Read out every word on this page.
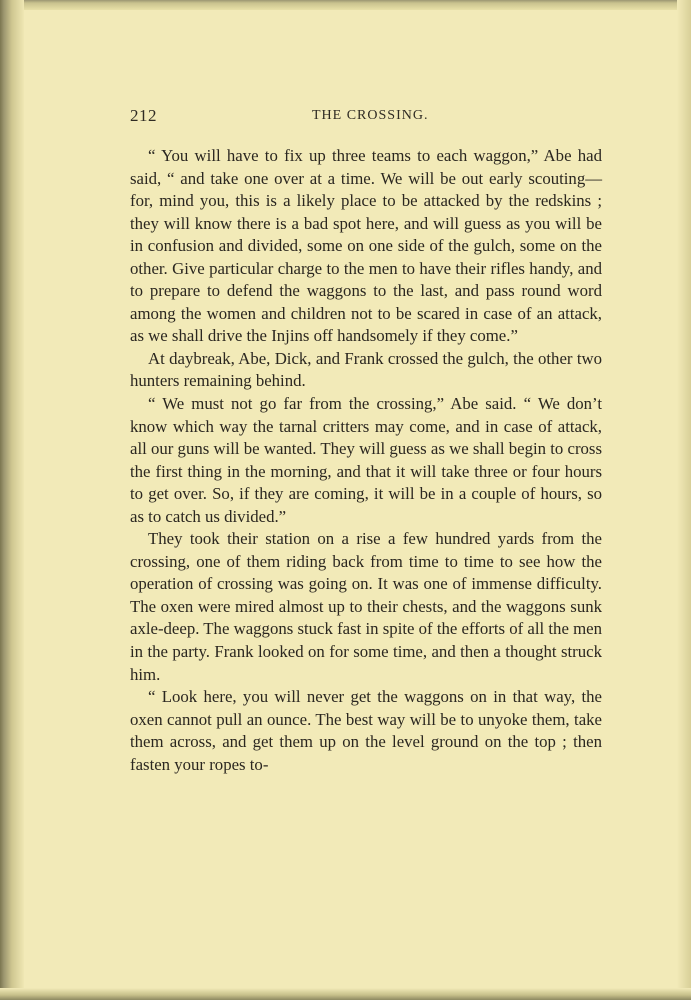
212	THE CROSSING.

“ You will have to fix up three teams to each waggon,” Abe had said, “ and take one over at a time. We will be out early scouting—for, mind you, this is a likely place to be attacked by the redskins ; they will know there is a bad spot here, and will guess as you will be in confusion and divided, some on one side of the gulch, some on the other. Give particular charge to the men to have their rifles handy, and to prepare to defend the waggons to the last, and pass round word among the women and children not to be scared in case of an attack, as we shall drive the Injins off handsomely if they come.”

At daybreak, Abe, Dick, and Frank crossed the gulch, the other two hunters remaining behind.

“ We must not go far from the crossing,” Abe said. “ We don’t know which way the tarnal critters may come, and in case of attack, all our guns will be wanted. They will guess as we shall begin to cross the first thing in the morning, and that it will take three or four hours to get over. So, if they are coming, it will be in a couple of hours, so as to catch us divided.”

They took their station on a rise a few hundred yards from the crossing, one of them riding back from time to time to see how the operation of crossing was going on. It was one of immense difficulty. The oxen were mired almost up to their chests, and the waggons sunk axle-deep. The waggons stuck fast in spite of the efforts of all the men in the party. Frank looked on for some time, and then a thought struck him.

“ Look here, you will never get the waggons on in that way, the oxen cannot pull an ounce. The best way will be to unyoke them, take them across, and get them up on the level ground on the top ; then fasten your ropes to-
